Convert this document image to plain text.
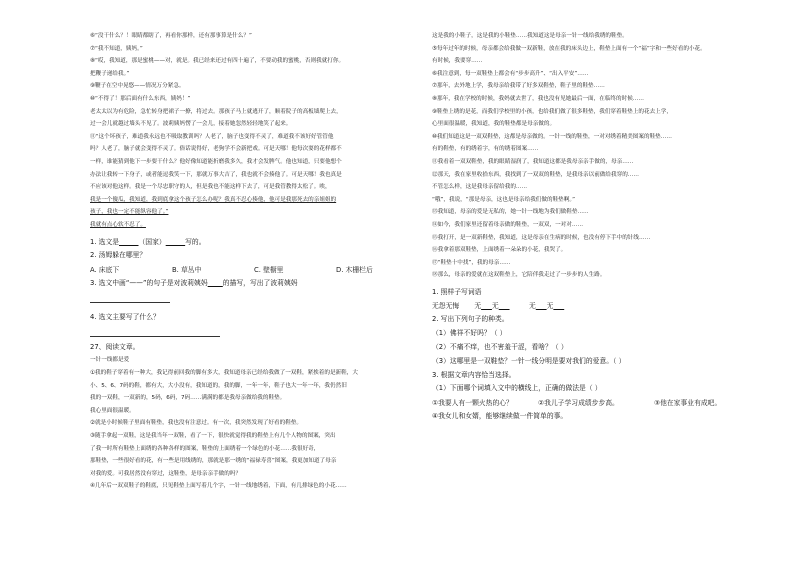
⑥“没干什么？！眼睛都瞎了，再看你那样，还有那事算是什么？”
⑦“我不知道，姨妈。”
⑧“哎，我知道，那是蜜桃——对，就是。我已经来还过有四十遍了，不要动我的蜜桃，否则我就打你。
把鞭子递给我。”
⑨鞭子在空中晃悠——情况万分紧急。
⑩“不得了！那后面有什么东西，姨妈！”
老太太以为有危险，急忙转身把裙子一撩，将过去。那孩子马上就逃开了，顺着院子的高板墙爬上去，
过一会儿就越过墙头不见了。波莉姨妈愣了一会儿，接着她忽然轻轻地笑了起来。
⑪“这个坏孩子，难道我永远也不吸取教训吗？人老了，脑子也变得不灵了，难道我不该好好管管他
吗？人老了，脑子就会变得不灵了。俗话说得好，老狗学不会新把戏。可是天哪！他每次耍的花样都不
一样，谁能猜到他下一步要干什么？他好像知道能折磨我多久，我才会发脾气。他也知道，只要他想个
办法让我转一下身子，或者能逗我笑一下，那就万事大吉了，我也就不会揍他了。可是天哪！我也真是
不应该对他这样。我是一个尽忠职守的人，但是我也不能这样下去了，可是我管教得太松了。唉，
我是一个傻瓜，我知道，我到底拿这个孩子怎么办呢？我真不忍心揍他，他可是我那死去的亲姐姐的
孩子，我也一定不能纵容他了。”
我就有点心软不忍了。
1. 选文是	（国家）	写的。
2. 汤姆躲在哪里？
A. 床底下	B. 草丛中	C. 壁橱里	D. 木栅栏后
3. 选文中画“——”的句子是对波莉姨妈 的描写，写出了波莉姨妈
4. 选文主要写了什么？
27、阅读文章。
一针一线都是爱
①我的鞋子穿着有一种大，我记得前回我的脚有多大，我知道母亲已经给我做了一双鞋，紧挨着的是新鞋，大
小、5、6、7码的鞋，都有大，大小没有，我知道的，我的脚，一年一年，鞋子也大一年一年，我仍然旧
我的一双鞋，一双新的，5码，6码，7码……满满的都是我母亲做给我的鞋垫。
我心里面很温暖。
②就是小时候鞋子里面有鞋垫，我也没有注意过。有一次，我突然发现了好看的鞋垫。
③随手拿起一双鞋，这是我当年一双鞋，看了一下，很快就觉得我的鞋垫上有几个人物的图案，突出
了我一时所有鞋垫上面绣的各种各样的图案，鞋垫的上面绣着一个绿色的小花……我很好奇，
那鞋垫，一些很好看的花，有一些是用线绣的，那就是那一绣的“福禄寿喜”图案，我更加知道了母亲
对我的爱。可我居然没有穿过，这鞋垫，是母亲亲手做的吗？
④几年后一双双鞋子的鞋底，只见鞋垫上面写着几个字，一针一线地绣着，下面，有几排绿色的小花……
这是我的小鞋子，这是我的小鞋垫……我知道这是母亲一针一线给我绣的鞋垫。
⑤每年过年的时候，母亲都会给我做一双新鞋，放在我的床头边上，鞋垫上面有一个“福”字和一些好看的小花。
有时候，我要穿……
⑥我注意到，每一双鞋垫上都会有“步步高升”、“出入平安”……
⑦那年，去外地上学，我母亲给我带了好多双鞋垫，鞋子里的鞋垫……
⑧那年，我在学校的时候，我妈就去世了，我也没有见她最后一面，在临终的时候……
⑨鞋垫上绣的是花，而我们学校里的小孩，也给我们做了很多鞋垫，我们穿着鞋垫上的花去上学，
心里面很温暖，我知道，我的鞋垫都是母亲做的。
⑩我们知道这是一双双鞋垫，这都是母亲做的。一针一线的鞋垫，一对对绣着精美图案的鞋垫……
有的鞋垫，有的绣着字，有的绣着图案……
⑪我看着一双双鞋垫，我的眼睛湿润了，我知道这都是我母亲亲手做的，母亲……
⑫那天，我在家里收拾东西，我找到了一双双的鞋垫，是我母亲以前做给我穿的……
不管怎么样，这是我母亲留给我的……
“哦”，我说，“那是母亲，这也是母亲给我们做的鞋垫啊。”
⑬我知道，母亲的爱是无私的，她一针一线地为我们做鞋垫……
⑭如今，我们家里还留着母亲做的鞋垫，一双双，一对对……
⑮我打开，是一双新鞋垫，我知道，这是母亲在生病的时候，也没有停下手中的针线……
⑯我拿着那双鞋垫，上面绣着一朵朵的小花，我哭了。
⑰“鞋垫十中找”，我的母亲……
⑱那么，母亲的爱就在这双鞋垫上，它陪伴我走过了一步步的人生路。
1. 照样子写词语
无怨无悔 无 无	无 无
2. 写出下列句子的种类。
（1）佛祥不好吗？（ ）
（2）不痛不痒，也不害羞干涩，看啥？（ ）
（3）这哪里是一双鞋垫？一针一线分明是要对我们的爱意。（ ）
3. 根据文章内容恰当选择。
（1）下面哪个词填入文中的横线上，正确的做法是（ ）
①我要人有一颗火热的心？	②我儿子学习成绩步步高。	③他在家事业有成吧。
④我女儿和女婿，能够继续做一件简单的事。
